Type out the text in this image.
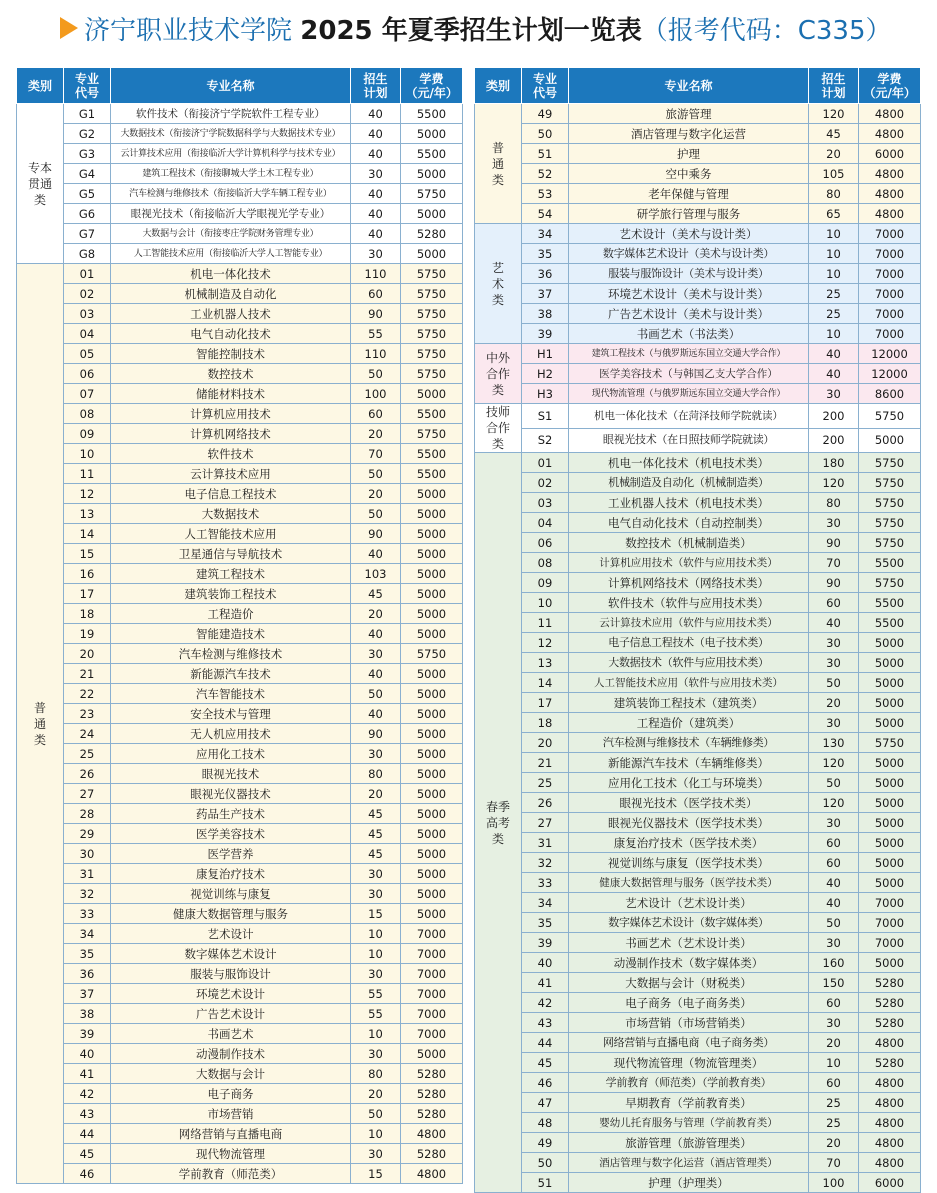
济宁职业技术学院 2025 年夏季招生计划一览表（报考代码：C335）
类别	专业代号	专业名称	招生计划	学费（元/年）
专本贯通类	G1	软件技术（衔接济宁学院软件工程专业）	40	5500
	G2	大数据技术（衔接济宁学院数据科学与大数据技术专业）	40	5000
	G3	云计算技术应用（衔接临沂大学计算机科学与技术专业）	40	5500
	G4	建筑工程技术（衔接聊城大学土木工程专业）	30	5000
	G5	汽车检测与维修技术（衔接临沂大学车辆工程专业）	40	5750
	G6	眼视光技术（衔接临沂大学眼视光学专业）	40	5000
	G7	大数据与会计（衔接枣庄学院财务管理专业）	40	5280
	G8	人工智能技术应用（衔接临沂大学人工智能专业）	30	5000
普通类	01	机电一体化技术	110	5750
	02	机械制造及自动化	60	5750
	03	工业机器人技术	90	5750
	04	电气自动化技术	55	5750
	05	智能控制技术	110	5750
	06	数控技术	50	5750
	07	储能材料技术	100	5000
	08	计算机应用技术	60	5500
	09	计算机网络技术	20	5750
	10	软件技术	70	5500
	11	云计算技术应用	50	5500
	12	电子信息工程技术	20	5000
	13	大数据技术	50	5000
	14	人工智能技术应用	90	5000
	15	卫星通信与导航技术	40	5000
	16	建筑工程技术	103	5000
	17	建筑装饰工程技术	45	5000
	18	工程造价	20	5000
	19	智能建造技术	40	5000
	20	汽车检测与维修技术	30	5750
	21	新能源汽车技术	40	5000
	22	汽车智能技术	50	5000
	23	安全技术与管理	40	5000
	24	无人机应用技术	90	5000
	25	应用化工技术	30	5000
	26	眼视光技术	80	5000
	27	眼视光仪器技术	20	5000
	28	药品生产技术	45	5000
	29	医学美容技术	45	5000
	30	医学营养	45	5000
	31	康复治疗技术	30	5000
	32	视觉训练与康复	30	5000
	33	健康大数据管理与服务	15	5000
	34	艺术设计	10	7000
	35	数字媒体艺术设计	10	7000
	36	服装与服饰设计	30	7000
	37	环境艺术设计	55	7000
	38	广告艺术设计	55	7000
	39	书画艺术	10	7000
	40	动漫制作技术	30	5000
	41	大数据与会计	80	5280
	42	电子商务	20	5280
	43	市场营销	50	5280
	44	网络营销与直播电商	10	4800
	45	现代物流管理	30	5280
	46	学前教育（师范类）	15	4800
类别	专业代号	专业名称	招生计划	学费（元/年）
普通类	49	旅游管理	120	4800
	50	酒店管理与数字化运营	45	4800
	51	护理	20	6000
	52	空中乘务	105	4800
	53	老年保健与管理	80	4800
	54	研学旅行管理与服务	65	4800
艺术类	34	艺术设计（美术与设计类）	10	7000
	35	数字媒体艺术设计（美术与设计类）	10	7000
	36	服装与服饰设计（美术与设计类）	10	7000
	37	环境艺术设计（美术与设计类）	25	7000
	38	广告艺术设计（美术与设计类）	25	7000
	39	书画艺术（书法类）	10	7000
中外合作类	H1	建筑工程技术（与俄罗斯远东国立交通大学合作）	40	12000
	H2	医学美容技术（与韩国乙支大学合作）	40	12000
	H3	现代物流管理（与俄罗斯远东国立交通大学合作）	30	8600
技师合作类	S1	机电一体化技术（在菏泽技师学院就读）	200	5750
	S2	眼视光技术（在日照技师学院就读）	200	5000
春季高考类	01	机电一体化技术（机电技术类）	180	5750
	02	机械制造及自动化（机械制造类）	120	5750
	03	工业机器人技术（机电技术类）	80	5750
	04	电气自动化技术（自动控制类）	30	5750
	06	数控技术（机械制造类）	90	5750
	08	计算机应用技术（软件与应用技术类）	70	5500
	09	计算机网络技术（网络技术类）	90	5750
	10	软件技术（软件与应用技术类）	60	5500
	11	云计算技术应用（软件与应用技术类）	40	5500
	12	电子信息工程技术（电子技术类）	30	5000
	13	大数据技术（软件与应用技术类）	30	5000
	14	人工智能技术应用（软件与应用技术类）	50	5000
	17	建筑装饰工程技术（建筑类）	20	5000
	18	工程造价（建筑类）	30	5000
	20	汽车检测与维修技术（车辆维修类）	130	5750
	21	新能源汽车技术（车辆维修类）	120	5000
	25	应用化工技术（化工与环境类）	50	5000
	26	眼视光技术（医学技术类）	120	5000
	27	眼视光仪器技术（医学技术类）	30	5000
	31	康复治疗技术（医学技术类）	60	5000
	32	视觉训练与康复（医学技术类）	60	5000
	33	健康大数据管理与服务（医学技术类）	40	5000
	34	艺术设计（艺术设计类）	40	7000
	35	数字媒体艺术设计（数字媒体类）	50	7000
	39	书画艺术（艺术设计类）	30	7000
	40	动漫制作技术（数字媒体类）	160	5000
	41	大数据与会计（财税类）	150	5280
	42	电子商务（电子商务类）	60	5280
	43	市场营销（市场营销类）	30	5280
	44	网络营销与直播电商（电子商务类）	20	4800
	45	现代物流管理（物流管理类）	10	5280
	46	学前教育（师范类）（学前教育类）	60	4800
	47	早期教育（学前教育类）	25	4800
	48	婴幼儿托育服务与管理（学前教育类）	25	4800
	49	旅游管理（旅游管理类）	20	4800
	50	酒店管理与数字化运营（酒店管理类）	70	4800
	51	护理（护理类）	100	6000
